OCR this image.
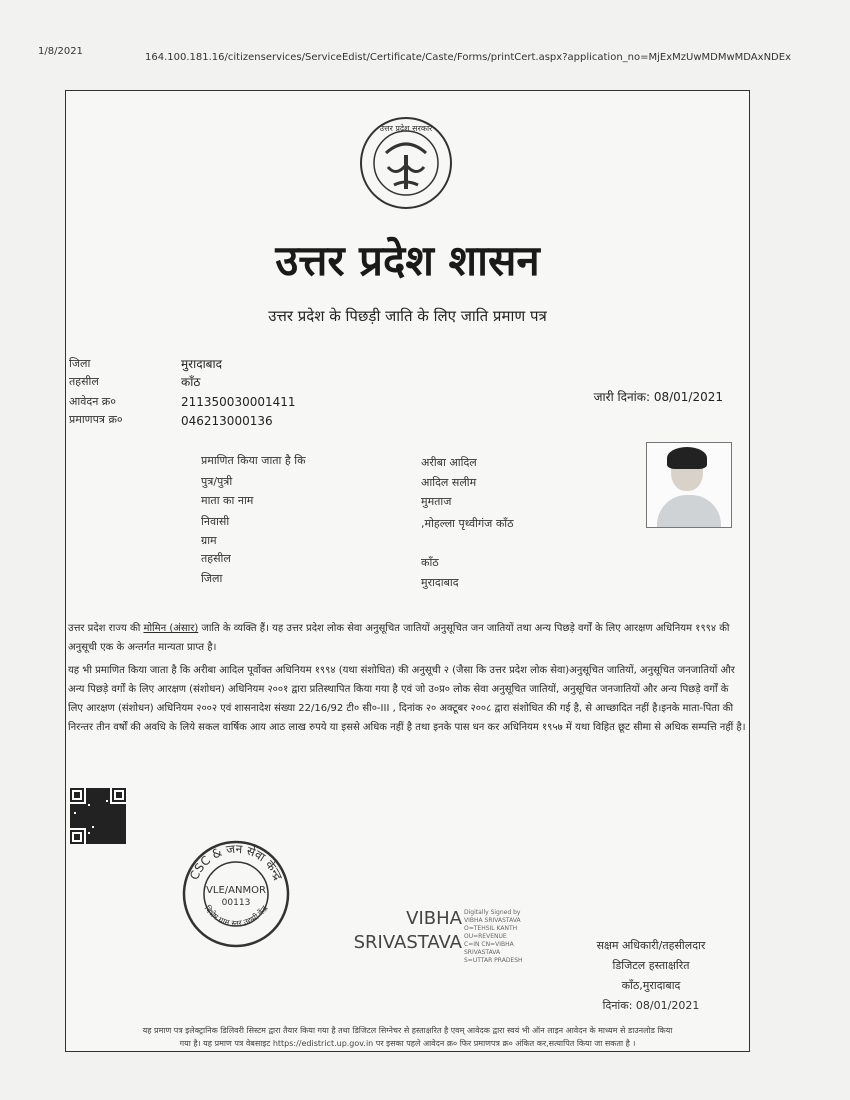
1/8/2021
164.100.181.16/citizenservices/ServiceEdist/Certificate/Caste/Forms/printCert.aspx?application_no=MjExMzUwMDMwMDAxNDEx
उत्तर प्रदेश सरकार
उत्तर प्रदेश शासन
उत्तर प्रदेश के पिछड़ी जाति के लिए जाति प्रमाण पत्र
जिला	मुरादाबाद
तहसील	काँठ
आवेदन क्र०	211350030001411
प्रमाणपत्र क्र०	046213000136
जारी दिनांक: 08/01/2021
प्रमाणित किया जाता है कि	अरीबा आदिल
पुत्र/पुत्री	आदिल सलीम
माता का नाम	मुमताज
निवासी	,मोहल्ला पृथ्वीगंज काँठ
ग्राम
तहसील	काँठ
जिला	मुरादाबाद
उत्तर प्रदेश राज्य की मोमिन (अंसार) जाति के व्यक्ति हैं। यह उत्तर प्रदेश लोक सेवा अनुसूचित जातियों अनुसूचित जन जातियों तथा अन्य पिछड़े वर्गों के लिए आरक्षण अधिनियम १९९४ की अनुसूची एक के अन्तर्गत मान्यता प्राप्त है।
यह भी प्रमाणित किया जाता है कि अरीबा आदिल पूर्वोक्त अधिनियम १९९४ (यथा संशोधित) की अनुसूची २ (जैसा कि उत्तर प्रदेश लोक सेवा)अनुसूचित जातियों, अनुसूचित जनजातियों और अन्य पिछड़े वर्गों के लिए आरक्षण (संशोधन) अधिनियम २००१ द्वारा प्रतिस्थापित किया गया है एवं जो उ०प्र० लोक सेवा अनुसूचित जातियों, अनुसूचित जनजातियों और अन्य पिछड़े वर्गों के लिए आरक्षण (संशोधन) अधिनियम २००२ एवं शासनादेश संख्या 22/16/92 टी० सी०-III , दिनांक २० अक्टूबर २००८ द्वारा संशोधित की गई है, से आच्छादित नहीं है।इनके माता-पिता की निरन्तर तीन वर्षों की अवधि के लिये सकल वार्षिक आय आठ लाख रुपये या इससे अधिक नहीं है तथा इनके पास धन कर अधिनियम १९५७ में यथा विहित छूट सीमा से अधिक सम्पत्ति नहीं है।
CSC & जन सेवा केन्द्र
विशेष ग्राम स्तर उद्यमी केंद्र
VLE/ANMOR
00113
VIBHA
SRIVASTAVA
Digitally Signed by
VIBHA SRIVASTAVA
O=TEHSIL KANTH
OU=REVENUE
C=IN CN=VIBHA
SRIVASTAVA
S=UTTAR PRADESH
सक्षम अधिकारी/तहसीलदार
डिजिटल हस्ताक्षरित
काँठ,मुरादाबाद
दिनांक: 08/01/2021
यह प्रमाण पत्र इलेक्ट्रानिक डिलिवरी सिस्टम द्वारा तैयार किया गया है तथा डिजिटल सिग्नेचर से हस्ताक्षरित है एवम् आवेदक द्वारा स्वयं भी ऑन लाइन आवेदन के माध्यम से डाउनलोड किया
गया है। यह प्रमाण पत्र वेबसाइट https://edistrict.up.gov.in पर इसका पहले आवेदन क्र० फिर प्रमाणपत्र क्र० अंकित कर,सत्यापित किया जा सकता है ।
